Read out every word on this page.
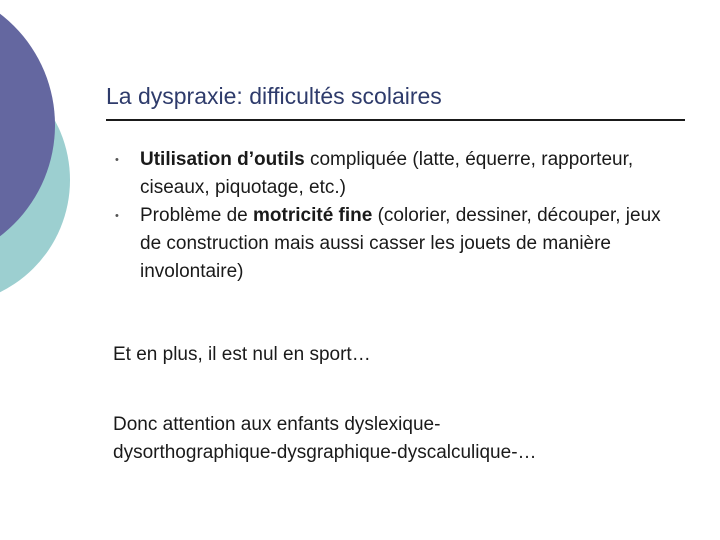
La dyspraxie: difficultés scolaires
• Utilisation d’outils compliquée (latte, équerre, rapporteur, ciseaux, piquotage, etc.)
• Problème de motricité fine (colorier, dessiner, découper, jeux de construction mais aussi casser les jouets de manière involontaire)

Et en plus, il est nul en sport…

Donc attention aux enfants dyslexique-
dysorthographique-dysgraphique-dyscalculique-…
